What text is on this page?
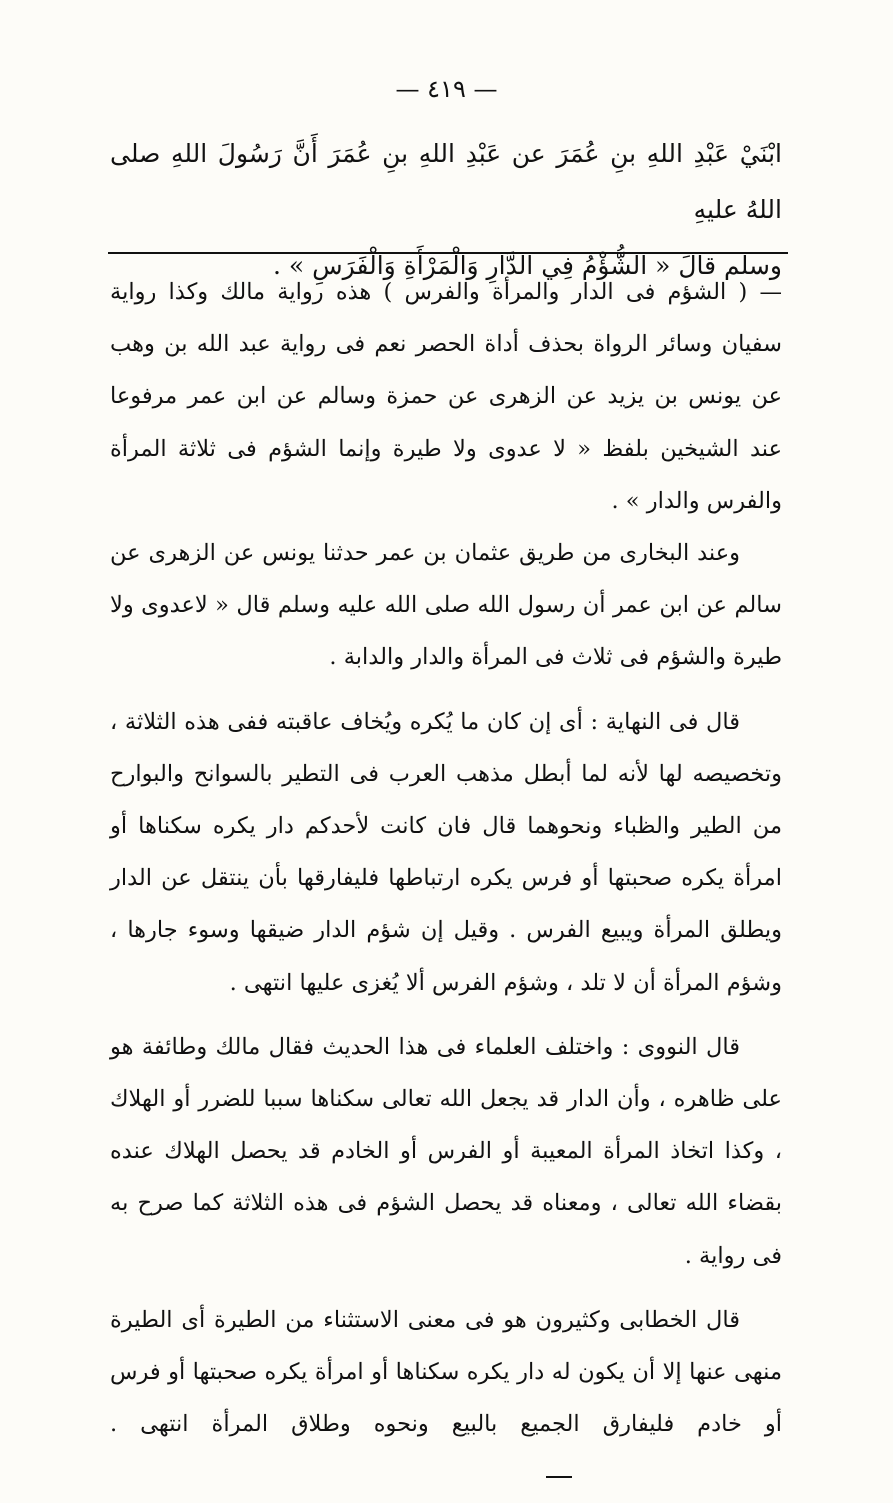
— ٤١٩ —

ابْنَيْ عَبْدِ اللهِ بنِ عُمَرَ عن عَبْدِ اللهِ بنِ عُمَرَ أَنَّ رَسُولَ اللهِ صلى اللهُ عليهِ

وسلم قالَ « الشُّؤْمُ فِي الدَّارِ وَالْمَرْأَةِ وَالْفَرَسِ » .

— ( الشؤم فى الدار والمرأة والفرس ) هذه رواية مالك وكذا رواية سفيان وسائر الرواة بحذف أداة الحصر نعم فى رواية عبد الله بن وهب عن يونس بن يزيد عن الزهرى عن حمزة وسالم عن ابن عمر مرفوعا عند الشيخين بلفظ « لا عدوى ولا طيرة وإنما الشؤم فى ثلاثة المرأة والفرس والدار » .

وعند البخارى من طريق عثمان بن عمر حدثنا يونس عن الزهرى عن سالم عن ابن عمر أن رسول الله صلى الله عليه وسلم قال « لاعدوى ولا طيرة والشؤم فى ثلاث فى المرأة والدار والدابة .

قال فى النهاية : أى إن كان ما يُكره ويُخاف عاقبته ففى هذه الثلاثة ، وتخصيصه لها لأنه لما أبطل مذهب العرب فى التطير بالسوانح والبوارح من الطير والظباء ونحوهما قال فان كانت لأحدكم دار يكره سكناها أو امرأة يكره صحبتها أو فرس يكره ارتباطها فليفارقها بأن ينتقل عن الدار ويطلق المرأة ويبيع الفرس . وقيل إن شؤم الدار ضيقها وسوء جارها ، وشؤم المرأة أن لا تلد ، وشؤم الفرس ألا يُغزى عليها انتهى .

قال النووى : واختلف العلماء فى هذا الحديث فقال مالك وطائفة هو على ظاهره ، وأن الدار قد يجعل الله تعالى سكناها سببا للضرر أو الهلاك ، وكذا اتخاذ المرأة المعيبة أو الفرس أو الخادم قد يحصل الهلاك عنده بقضاء الله تعالى ، ومعناه قد يحصل الشؤم فى هذه الثلاثة كما صرح به فى رواية .

قال الخطابى وكثيرون هو فى معنى الاستثناء من الطيرة أى الطيرة منهى عنها إلا أن يكون له دار يكره سكناها أو امرأة يكره صحبتها أو فرس أو خادم فليفارق الجميع بالبيع ونحوه وطلاق المرأة انتهى .
